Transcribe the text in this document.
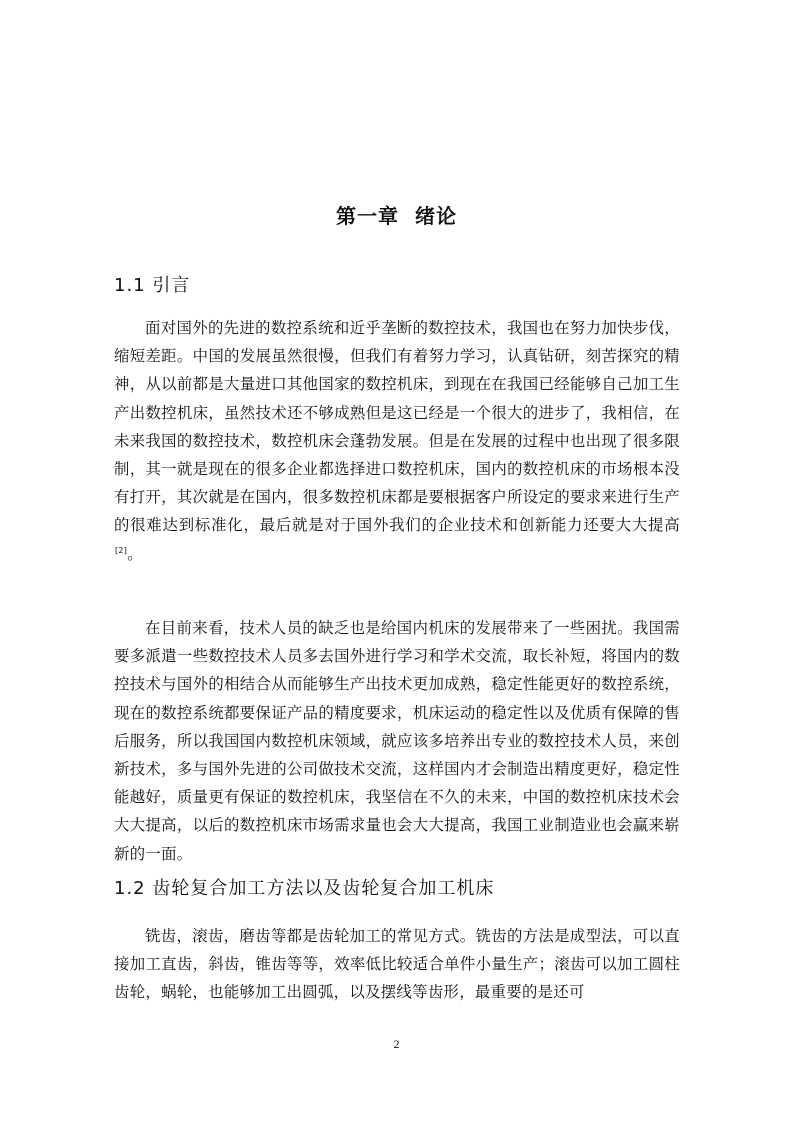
第一章 绪论
1.1 引言

面对国外的先进的数控系统和近乎垄断的数控技术，我国也在努力加快步伐，缩短差距。中国的发展虽然很慢，但我们有着努力学习，认真钻研，刻苦探究的精神，从以前都是大量进口其他国家的数控机床，到现在在我国已经能够自己加工生产出数控机床，虽然技术还不够成熟但是这已经是一个很大的进步了，我相信，在未来我国的数控技术，数控机床会蓬勃发展。但是在发展的过程中也出现了很多限制，其一就是现在的很多企业都选择进口数控机床，国内的数控机床的市场根本没有打开，其次就是在国内，很多数控机床都是要根据客户所设定的要求来进行生产的很难达到标准化，最后就是对于国外我们的企业技术和创新能力还要大大提高[2]。

在目前来看，技术人员的缺乏也是给国内机床的发展带来了一些困扰。我国需要多派遣一些数控技术人员多去国外进行学习和学术交流，取长补短，将国内的数控技术与国外的相结合从而能够生产出技术更加成熟，稳定性能更好的数控系统，现在的数控系统都要保证产品的精度要求，机床运动的稳定性以及优质有保障的售后服务，所以我国国内数控机床领域，就应该多培养出专业的数控技术人员，来创新技术，多与国外先进的公司做技术交流，这样国内才会制造出精度更好，稳定性能越好，质量更有保证的数控机床，我坚信在不久的未来，中国的数控机床技术会大大提高，以后的数控机床市场需求量也会大大提高，我国工业制造业也会赢来崭新的一面。

1.2 齿轮复合加工方法以及齿轮复合加工机床

铣齿，滚齿，磨齿等都是齿轮加工的常见方式。铣齿的方法是成型法，可以直接加工直齿，斜齿，锥齿等等，效率低比较适合单件小量生产；滚齿可以加工圆柱齿轮，蜗轮，也能够加工出圆弧，以及摆线等齿形，最重要的是还可

2
